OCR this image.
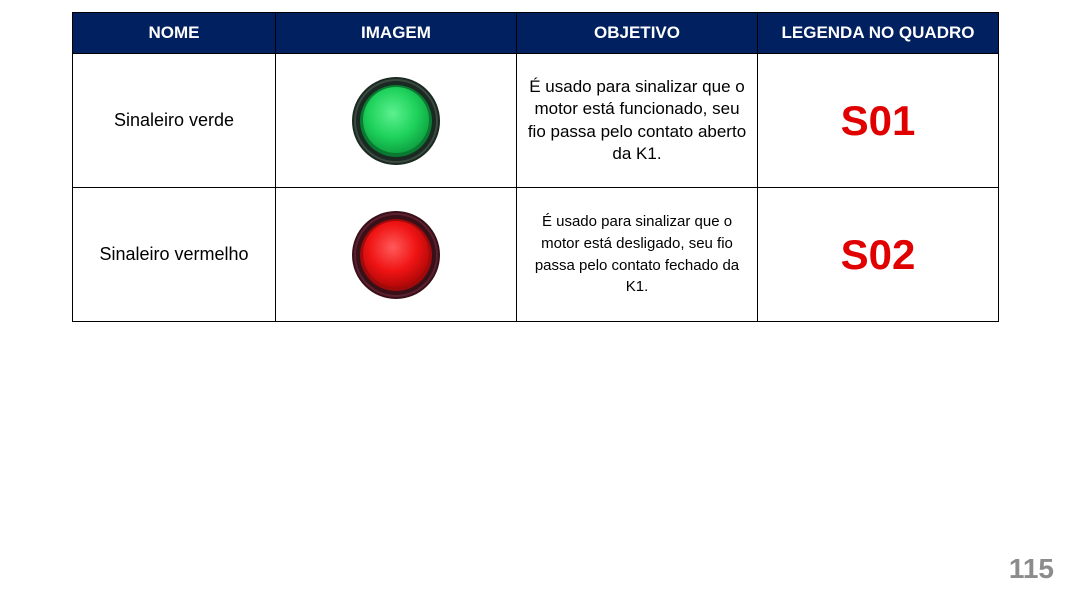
NOME	IMAGEM	OBJETIVO	LEGENDA NO QUADRO
Sinaleiro verde		É usado para sinalizar que o motor está funcionado, seu fio passa pelo contato aberto da K1.	S01
Sinaleiro vermelho		É usado para sinalizar que o motor está desligado, seu fio passa pelo contato fechado da K1.	S02
115
